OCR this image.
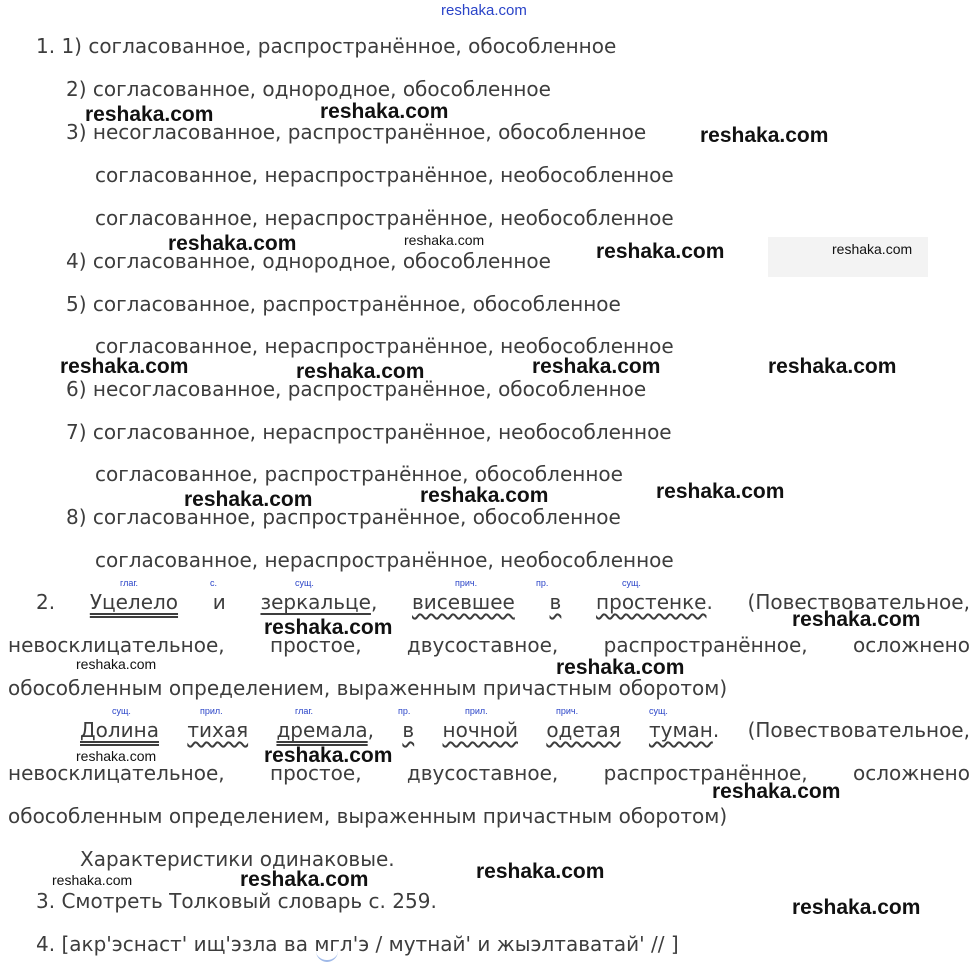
reshaka.com
1. 1) согласованное, распространённое, обособленное
2) согласованное, однородное, обособленное
3) несогласованное, распространённое, обособленное
согласованное, нераспространённое, необособленное
согласованное, нераспространённое, необособленное
4) согласованное, однородное, обособленное
5) согласованное, распространённое, обособленное
согласованное, нераспространённое, необособленное
6) несогласованное, распространённое, обособленное
7) согласованное, нераспространённое, необособленное
согласованное, распространённое, обособленное
8) согласованное, распространённое, обособленное
согласованное, нераспространённое, необособленное
глаг.	с.	сущ.	прич.	пр.	сущ.
2. Уцелело и зеркальце, висевшее в простенке. (Повествовательное,
невосклицательное, простое, двусоставное, распространённое, осложнено
обособленным определением, выраженным причастным оборотом)
сущ.	прил.	глаг.	пр.	прил.	прич.	сущ.
Долина тихая дремала, в ночной одетая туман. (Повествовательное,
невосклицательное, простое, двусоставное, распространённое, осложнено
обособленным определением, выраженным причастным оборотом)
Характеристики одинаковые.
3. Смотреть Толковый словарь с. 259.
4. [акр'эснаст' ищ'эзла ва мгл'э / мутнай' и жыэлтаватай' // ]
reshaka.com	reshaka.com
reshaka.com
reshaka.com	reshaka.com	reshaka.com	reshaka.com
reshaka.com	reshaka.com	reshaka.com	reshaka.com
reshaka.com	reshaka.com	reshaka.com
reshaka.com	reshaka.com
reshaka.com	reshaka.com
reshaka.com	reshaka.com
reshaka.com
reshaka.com
reshaka.com	reshaka.com
reshaka.com
